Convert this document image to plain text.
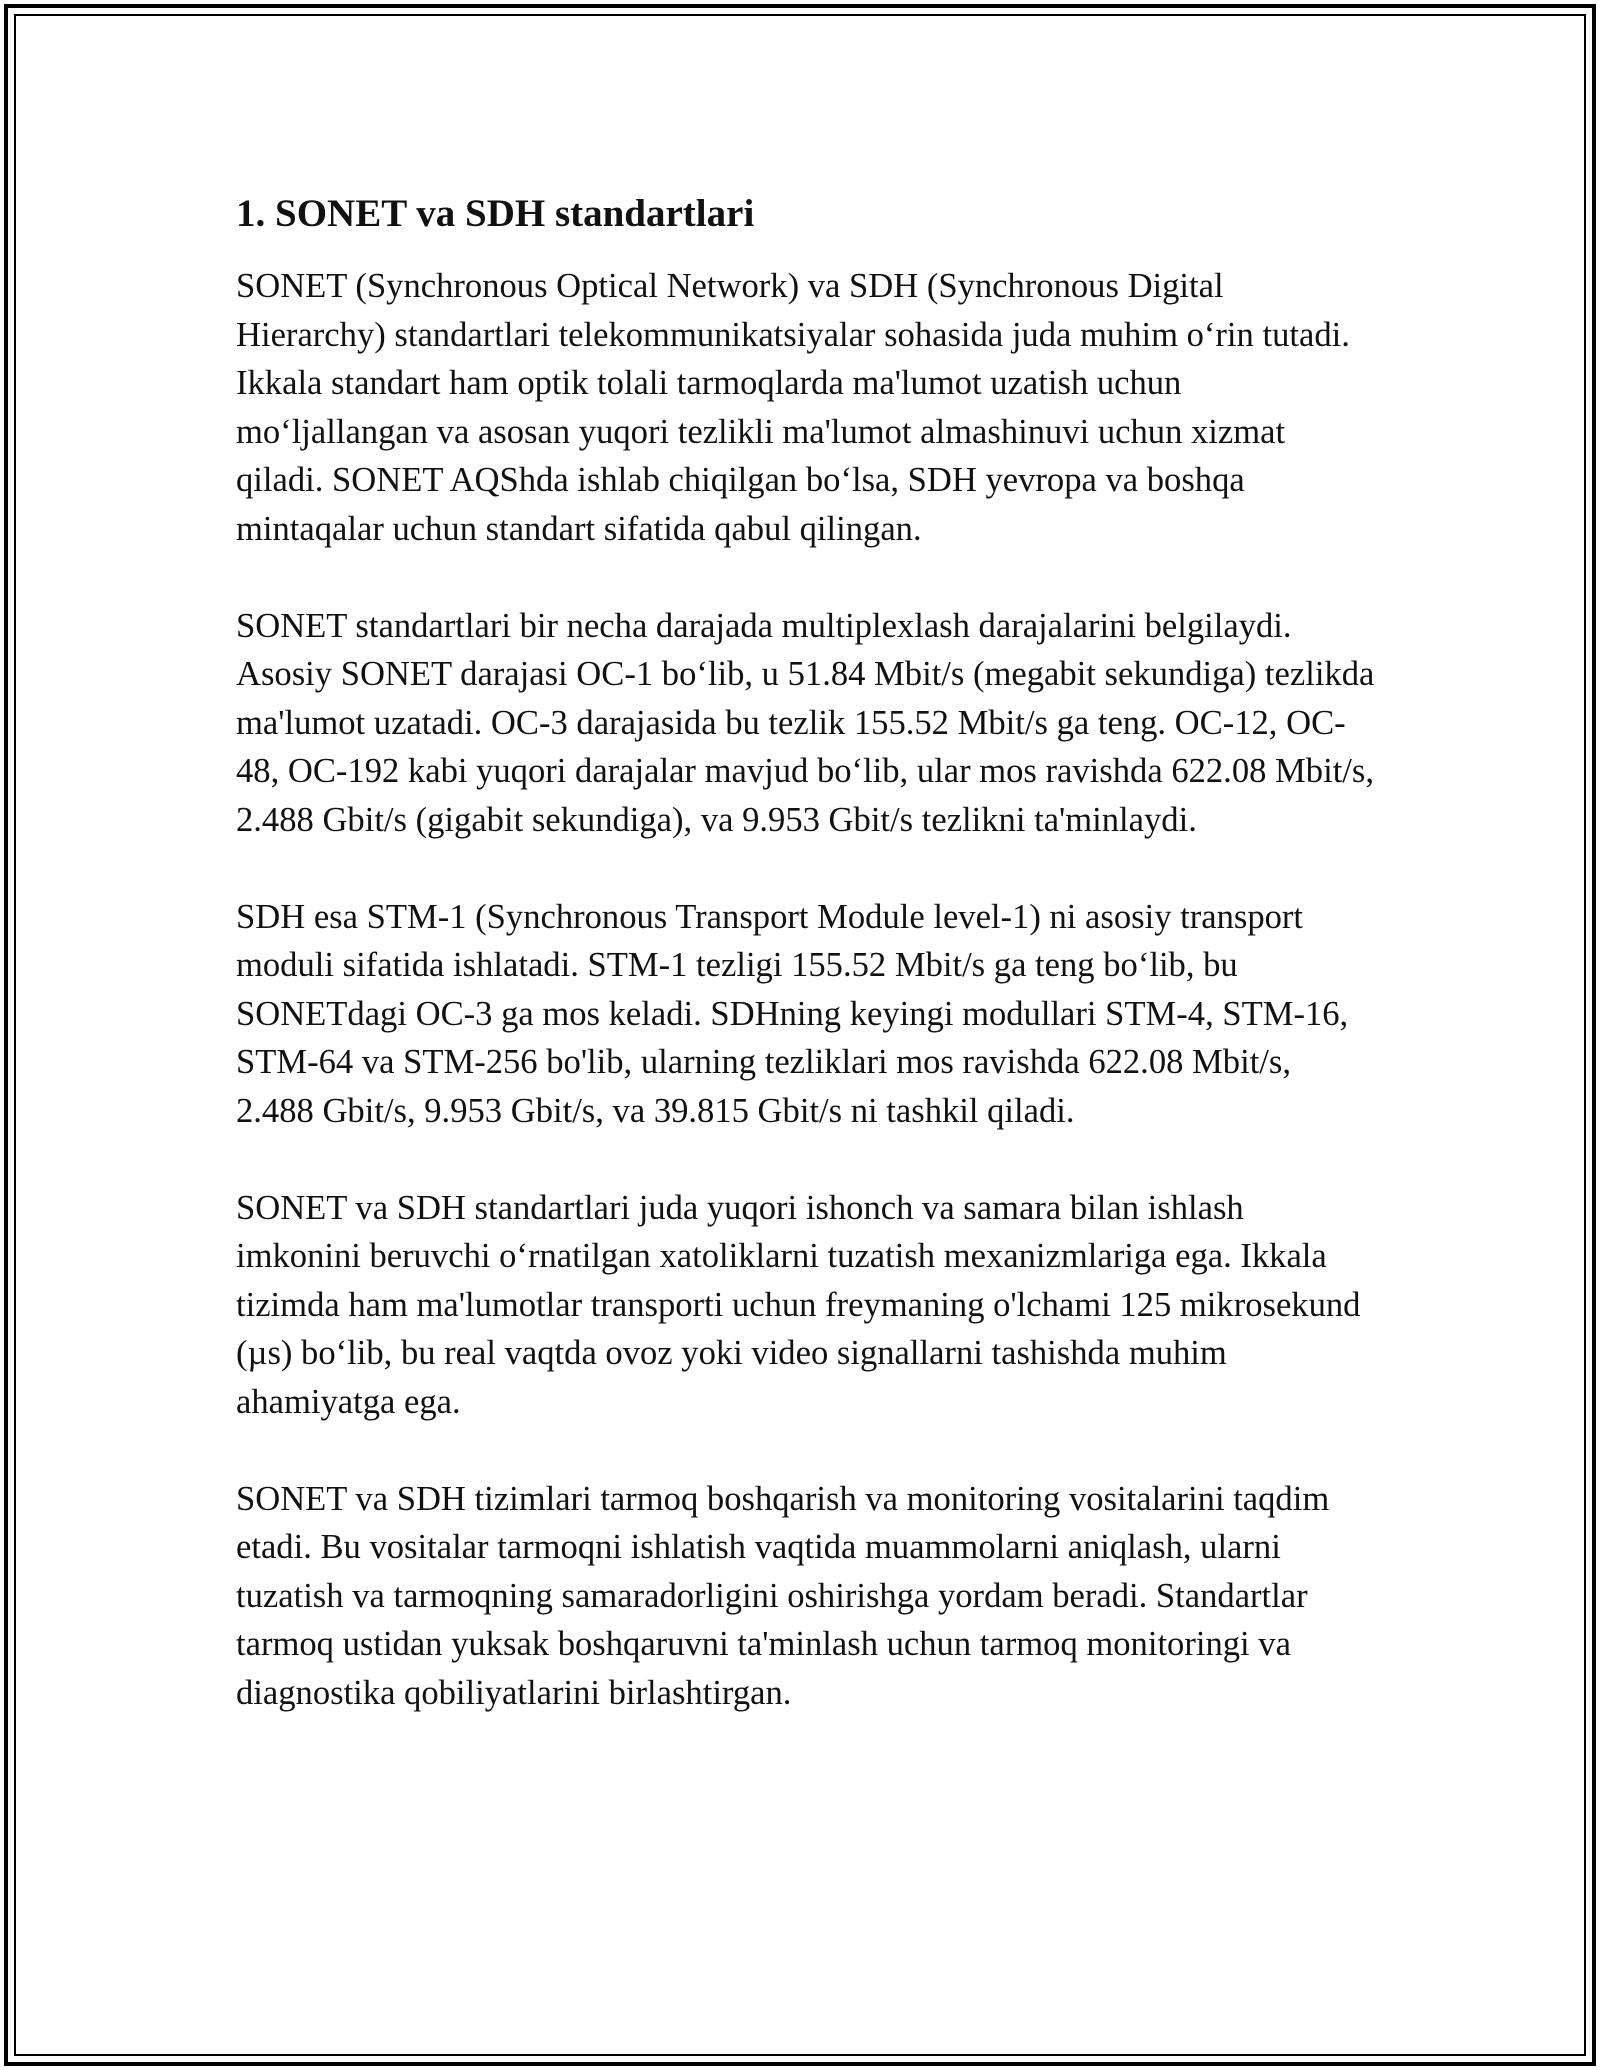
1. SONET va SDH standartlari

SONET (Synchronous Optical Network) va SDH (Synchronous Digital Hierarchy) standartlari telekommunikatsiyalar sohasida juda muhim o‘rin tutadi. Ikkala standart ham optik tolali tarmoqlarda ma'lumot uzatish uchun mo‘ljallangan va asosan yuqori tezlikli ma'lumot almashinuvi uchun xizmat qiladi. SONET AQShda ishlab chiqilgan bo‘lsa, SDH yevropa va boshqa mintaqalar uchun standart sifatida qabul qilingan.

SONET standartlari bir necha darajada multiplexlash darajalarini belgilaydi. Asosiy SONET darajasi OC-1 bo‘lib, u 51.84 Mbit/s (megabit sekundiga) tezlikda ma'lumot uzatadi. OC-3 darajasida bu tezlik 155.52 Mbit/s ga teng. OC-12, OC-48, OC-192 kabi yuqori darajalar mavjud bo‘lib, ular mos ravishda 622.08 Mbit/s, 2.488 Gbit/s (gigabit sekundiga), va 9.953 Gbit/s tezlikni ta'minlaydi.

SDH esa STM-1 (Synchronous Transport Module level-1) ni asosiy transport moduli sifatida ishlatadi. STM-1 tezligi 155.52 Mbit/s ga teng bo‘lib, bu SONETdagi OC-3 ga mos keladi. SDHning keyingi modullari STM-4, STM-16, STM-64 va STM-256 bo'lib, ularning tezliklari mos ravishda 622.08 Mbit/s, 2.488 Gbit/s, 9.953 Gbit/s, va 39.815 Gbit/s ni tashkil qiladi.

SONET va SDH standartlari juda yuqori ishonch va samara bilan ishlash imkonini beruvchi o‘rnatilgan xatoliklarni tuzatish mexanizmlariga ega. Ikkala tizimda ham ma'lumotlar transporti uchun freymaning o'lchami 125 mikrosekund (µs) bo‘lib, bu real vaqtda ovoz yoki video signallarni tashishda muhim ahamiyatga ega.

SONET va SDH tizimlari tarmoq boshqarish va monitoring vositalarini taqdim etadi. Bu vositalar tarmoqni ishlatish vaqtida muammolarni aniqlash, ularni tuzatish va tarmoqning samaradorligini oshirishga yordam beradi. Standartlar tarmoq ustidan yuksak boshqaruvni ta'minlash uchun tarmoq monitoringi va diagnostika qobiliyatlarini birlashtirgan.
